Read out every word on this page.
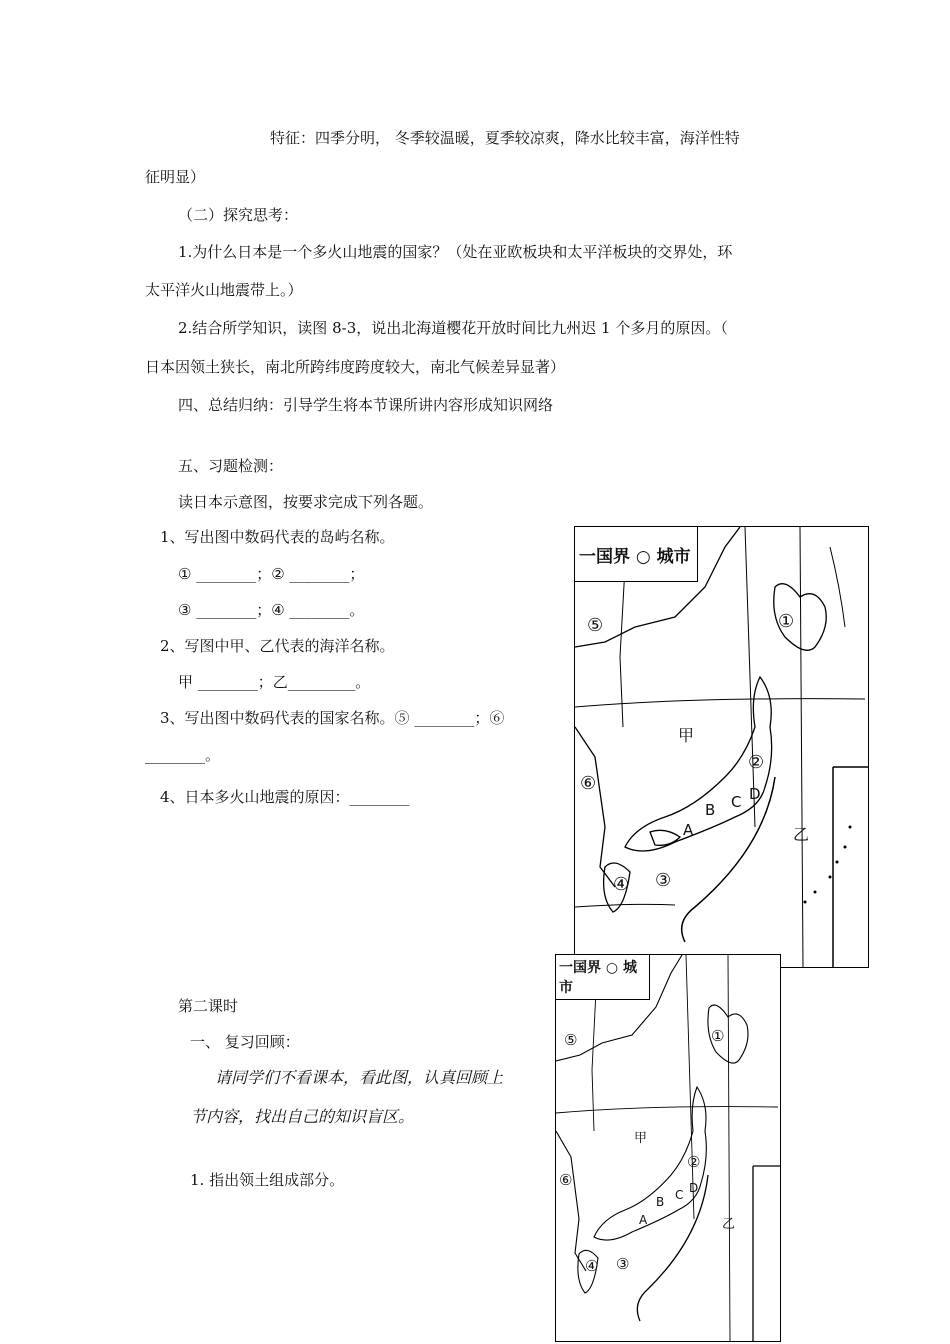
特征：四季分明， 冬季较温暖，夏季较凉爽，降水比较丰富，海洋性特
征明显）
（二）探究思考：
1.为什么日本是一个多火山地震的国家？（处在亚欧板块和太平洋板块的交界处，环
太平洋火山地震带上。）
2.结合所学知识，读图 8-3，说出北海道樱花开放时间比九州迟 1 个多月的原因。（
日本因领土狭长，南北所跨纬度跨度较大，南北气候差异显著）
四、总结归纳：引导学生将本节课所讲内容形成知识网络
五、习题检测：
读日本示意图，按要求完成下列各题。
1、写出图中数码代表的岛屿名称。
① ________；② ________；
③ ________；④ ________。
2、写图中甲、乙代表的海洋名称。
甲 ________；乙_________。
3、写出图中数码代表的国家名称。⑤ ________；⑥
________。
4、日本多火山地震的原因：________
第二课时
一、 复习回顾：
请同学们不看课本，看此图，认真回顾上
节内容，找出自己的知识盲区。
1. 指出领土组成部分。
一国界 ○ 城市
⑤	①
甲
②
⑥
B C D
A	乙
③
④
一国界 ○ 城市
⑤	①
甲
②
⑥
B C D
A	乙
③
④
